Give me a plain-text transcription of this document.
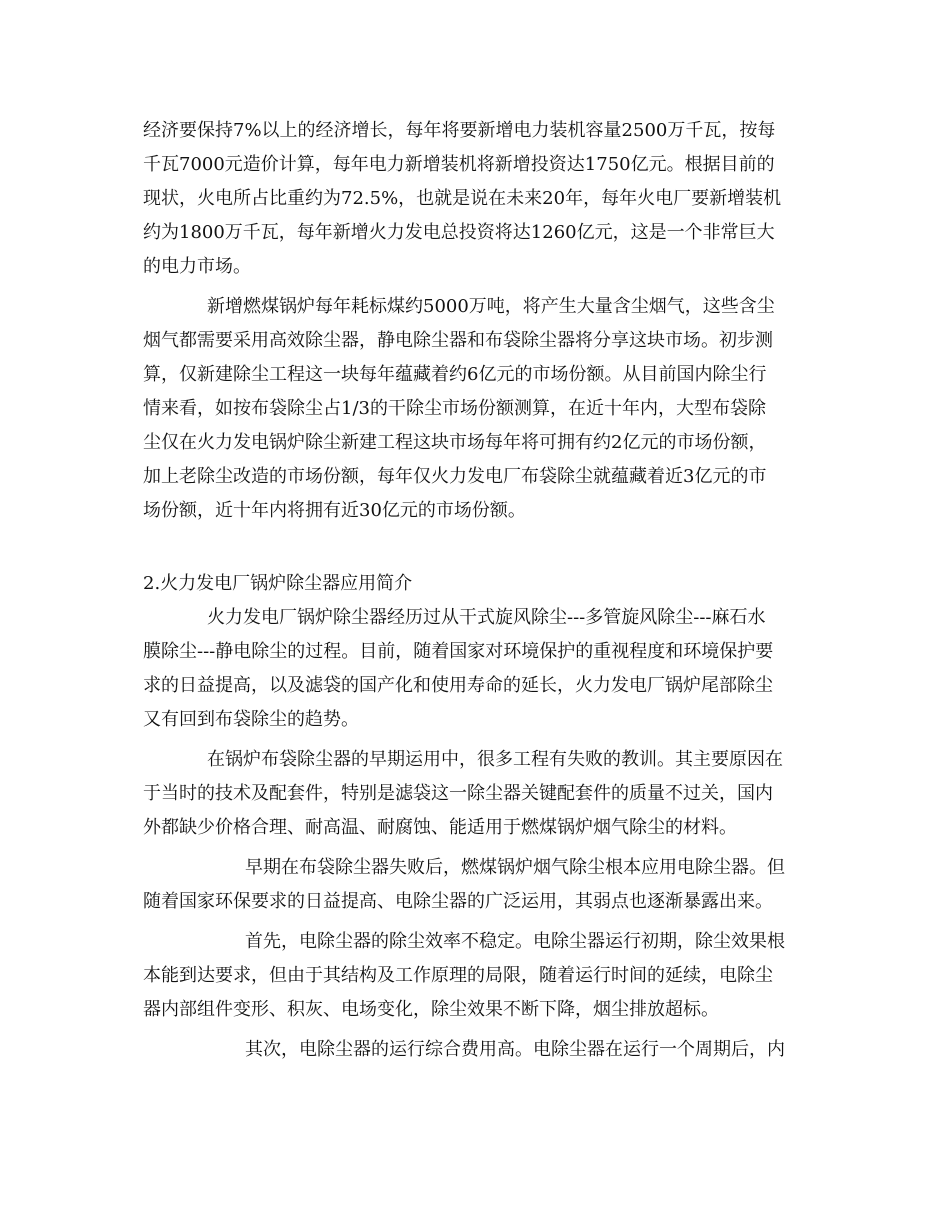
经济要保持7%以上的经济增长，每年将要新增电力装机容量2500万千瓦，按每
千瓦7000元造价计算，每年电力新增装机将新增投资达1750亿元。根据目前的
现状，火电所占比重约为72.5%，也就是说在未来20年，每年火电厂要新增装机
约为1800万千瓦，每年新增火力发电总投资将达1260亿元，这是一个非常巨大
的电力市场。
新增燃煤锅炉每年耗标煤约5000万吨，将产生大量含尘烟气，这些含尘
烟气都需要采用高效除尘器，静电除尘器和布袋除尘器将分享这块市场。初步测
算，仅新建除尘工程这一块每年蕴藏着约6亿元的市场份额。从目前国内除尘行
情来看，如按布袋除尘占1/3的干除尘市场份额测算，在近十年内，大型布袋除
尘仅在火力发电锅炉除尘新建工程这块市场每年将可拥有约2亿元的市场份额，
加上老除尘改造的市场份额，每年仅火力发电厂布袋除尘就蕴藏着近3亿元的市
场份额，近十年内将拥有近30亿元的市场份额。
2.火力发电厂锅炉除尘器应用简介
火力发电厂锅炉除尘器经历过从干式旋风除尘---多管旋风除尘---麻石水
膜除尘---静电除尘的过程。目前，随着国家对环境保护的重视程度和环境保护要
求的日益提高，以及滤袋的国产化和使用寿命的延长，火力发电厂锅炉尾部除尘
又有回到布袋除尘的趋势。
在锅炉布袋除尘器的早期运用中，很多工程有失败的教训。其主要原因在
于当时的技术及配套件，特别是滤袋这一除尘器关键配套件的质量不过关，国内
外都缺少价格合理、耐高温、耐腐蚀、能适用于燃煤锅炉烟气除尘的材料。
早期在布袋除尘器失败后，燃煤锅炉烟气除尘根本应用电除尘器。但
随着国家环保要求的日益提高、电除尘器的广泛运用，其弱点也逐渐暴露出来。
首先，电除尘器的除尘效率不稳定。电除尘器运行初期，除尘效果根
本能到达要求，但由于其结构及工作原理的局限，随着运行时间的延续，电除尘
器内部组件变形、积灰、电场变化，除尘效果不断下降，烟尘排放超标。
其次，电除尘器的运行综合费用高。电除尘器在运行一个周期后，内
